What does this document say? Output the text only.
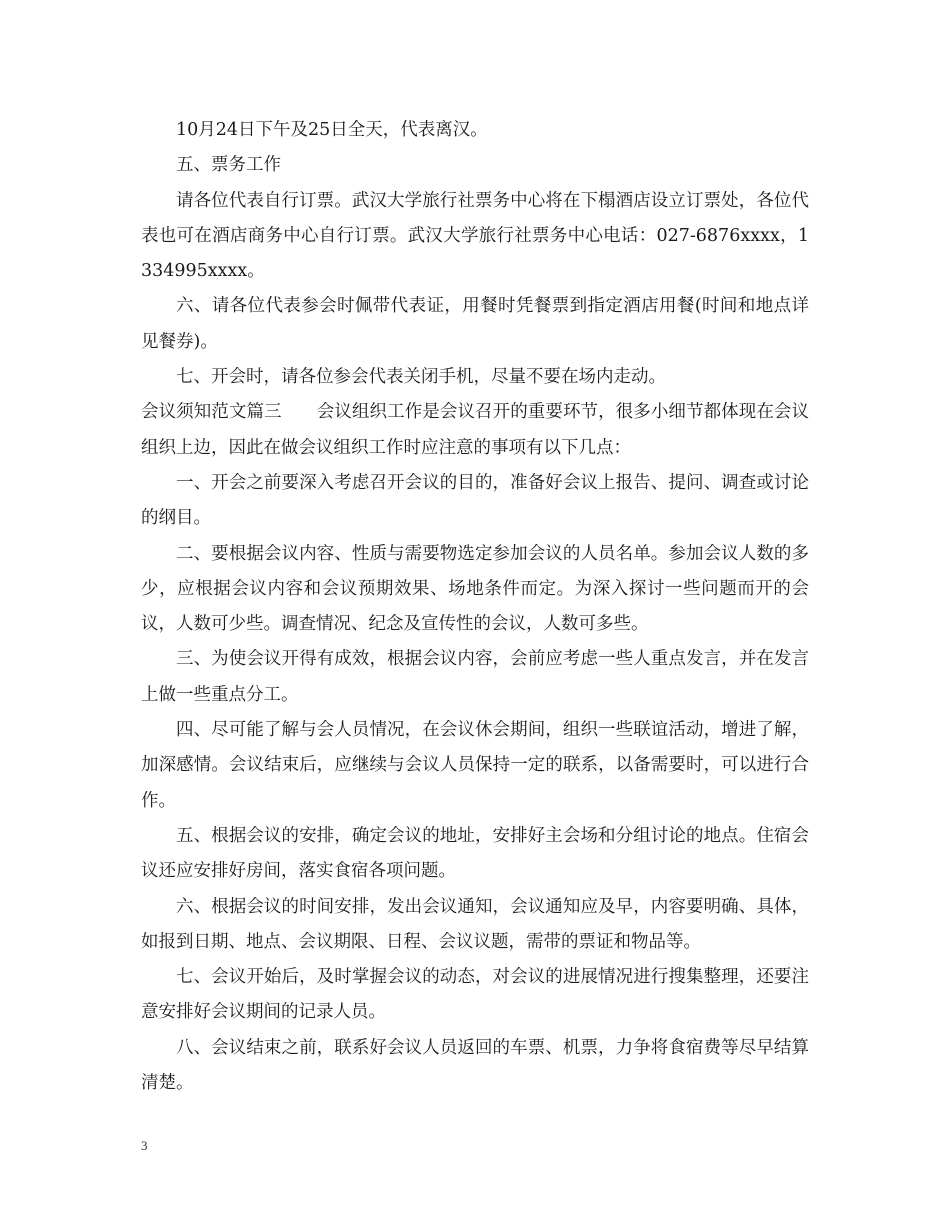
10月24日下午及25日全天，代表离汉。

五、票务工作

请各位代表自行订票。武汉大学旅行社票务中心将在下榻酒店设立订票处，各位代表也可在酒店商务中心自行订票。武汉大学旅行社票务中心电话：027-6876xxxx，1334995xxxx。

六、请各位代表参会时佩带代表证，用餐时凭餐票到指定酒店用餐(时间和地点详见餐券)。

七、开会时，请各位参会代表关闭手机，尽量不要在场内走动。

会议须知范文篇三　　会议组织工作是会议召开的重要环节，很多小细节都体现在会议组织上边，因此在做会议组织工作时应注意的事项有以下几点：

一、开会之前要深入考虑召开会议的目的，准备好会议上报告、提问、调查或讨论的纲目。

二、要根据会议内容、性质与需要物选定参加会议的人员名单。参加会议人数的多少，应根据会议内容和会议预期效果、场地条件而定。为深入探讨一些问题而开的会议，人数可少些。调查情况、纪念及宣传性的会议，人数可多些。

三、为使会议开得有成效，根据会议内容，会前应考虑一些人重点发言，并在发言上做一些重点分工。

四、尽可能了解与会人员情况，在会议休会期间，组织一些联谊活动，增进了解，加深感情。会议结束后，应继续与会议人员保持一定的联系，以备需要时，可以进行合作。

五、根据会议的安排，确定会议的地址，安排好主会场和分组讨论的地点。住宿会议还应安排好房间，落实食宿各项问题。

六、根据会议的时间安排，发出会议通知，会议通知应及早，内容要明确、具体，如报到日期、地点、会议期限、日程、会议议题，需带的票证和物品等。

七、会议开始后，及时掌握会议的动态，对会议的进展情况进行搜集整理，还要注意安排好会议期间的记录人员。

八、会议结束之前，联系好会议人员返回的车票、机票，力争将食宿费等尽早结算清楚。

3
